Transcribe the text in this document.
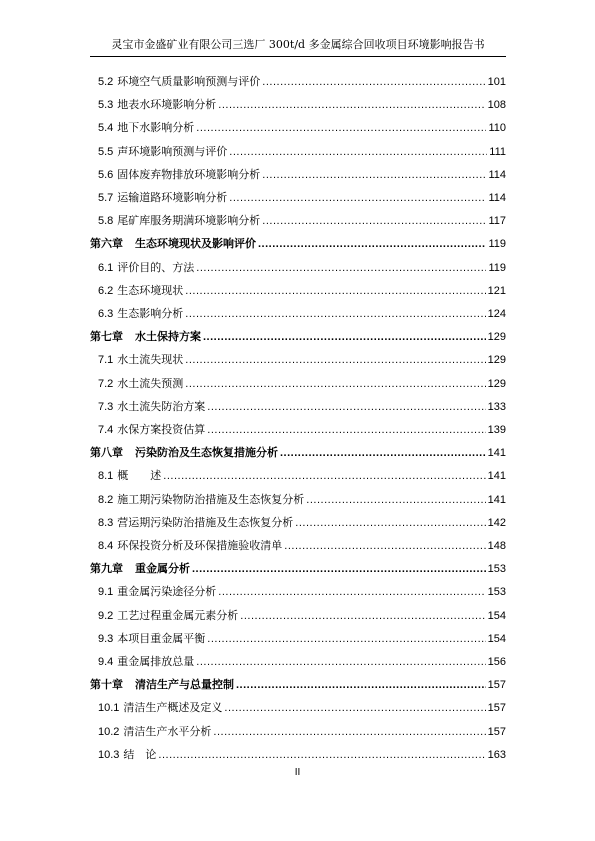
灵宝市金盛矿业有限公司三选厂 300t/d 多金属综合回收项目环境影响报告书
5.2 环境空气质量影响预测与评价 .....	101
5.3 地表水环境影响分析 .....	108
5.4 地下水影响分析 .....	110
5.5 声环境影响预测与评价 .....	111
5.6 固体废弃物排放环境影响分析 .....	114
5.7 运输道路环境影响分析 .....	114
5.8 尾矿库服务期满环境影响分析 .....	117
第六章 生态环境现状及影响评价 .....	119
6.1 评价目的、方法 .....	119
6.2 生态环境现状 .....	121
6.3 生态影响分析 .....	124
第七章 水土保持方案 .....	129
7.1 水土流失现状 .....	129
7.2 水土流失预测 .....	129
7.3 水土流失防治方案 .....	133
7.4 水保方案投资估算 .....	139
第八章 污染防治及生态恢复措施分析 .....	141
8.1 概　　述 .....	141
8.2 施工期污染物防治措施及生态恢复分析 .....	141
8.3 营运期污染防治措施及生态恢复分析 .....	142
8.4 环保投资分析及环保措施验收清单 .....	148
第九章 重金属分析 .....	153
9.1 重金属污染途径分析 .....	153
9.2 工艺过程重金属元素分析 .....	154
9.3 本项目重金属平衡 .....	154
9.4 重金属排放总量 .....	156
第十章 清洁生产与总量控制 .....	157
10.1 清洁生产概述及定义 .....	157
10.2 清洁生产水平分析 .....	157
10.3 结　论 .....	163
II
